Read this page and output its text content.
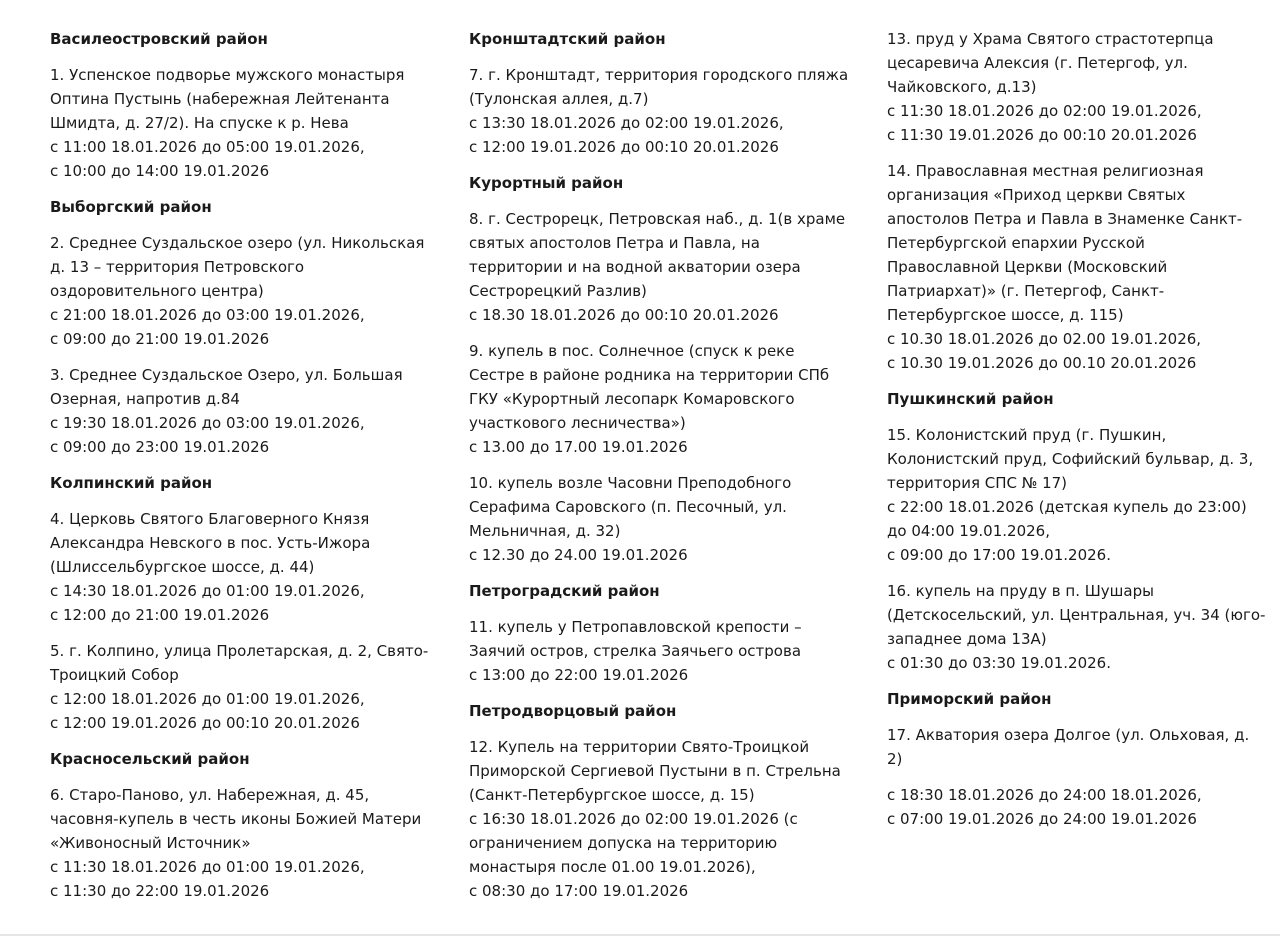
Василеостровский район
1. Успенское подворье мужского монастыря
Оптина Пустынь (набережная Лейтенанта
Шмидта, д. 27/2). На спуске к р. Нева
с 11:00 18.01.2026 до 05:00 19.01.2026,
с 10:00 до 14:00 19.01.2026
Выборгский район
2. Среднее Суздальское озеро (ул. Никольская
д. 13 – территория Петровского
оздоровительного центра)
с 21:00 18.01.2026 до 03:00 19.01.2026,
с 09:00 до 21:00 19.01.2026
3. Среднее Суздальское Озеро, ул. Большая
Озерная, напротив д.84
с 19:30 18.01.2026 до 03:00 19.01.2026,
с 09:00 до 23:00 19.01.2026
Колпинский район
4. Церковь Святого Благоверного Князя
Александра Невского в пос. Усть-Ижора
(Шлиссельбургское шоссе, д. 44)
с 14:30 18.01.2026 до 01:00 19.01.2026,
с 12:00 до 21:00 19.01.2026
5. г. Колпино, улица Пролетарская, д. 2, Свято-
Троицкий Собор
с 12:00 18.01.2026 до 01:00 19.01.2026,
с 12:00 19.01.2026 до 00:10 20.01.2026
Красносельский район
6. Старо-Паново, ул. Набережная, д. 45,
часовня-купель в честь иконы Божией Матери
«Живоносный Источник»
с 11:30 18.01.2026 до 01:00 19.01.2026,
с 11:30 до 22:00 19.01.2026
Кронштадтский район
7. г. Кронштадт, территория городского пляжа
(Тулонская аллея, д.7)
с 13:30 18.01.2026 до 02:00 19.01.2026,
с 12:00 19.01.2026 до 00:10 20.01.2026
Курортный район
8. г. Сестрорецк, Петровская наб., д. 1(в храме
святых апостолов Петра и Павла, на
территории и на водной акватории озера
Сестрорецкий Разлив)
с 18.30 18.01.2026 до 00:10 20.01.2026
9. купель в пос. Солнечное (спуск к реке
Сестре в районе родника на территории СПб
ГКУ «Курортный лесопарк Комаровского
участкового лесничества»)
с 13.00 до 17.00 19.01.2026
10. купель возле Часовни Преподобного
Серафима Саровского (п. Песочный, ул.
Мельничная, д. 32)
с 12.30 до 24.00 19.01.2026
Петроградский район
11. купель у Петропавловской крепости –
Заячий остров, стрелка Заячьего острова
с 13:00 до 22:00 19.01.2026
Петродворцовый район
12. Купель на территории Свято-Троицкой
Приморской Сергиевой Пустыни в п. Стрельна
(Санкт-Петербургское шоссе, д. 15)
с 16:30 18.01.2026 до 02:00 19.01.2026 (с
ограничением допуска на территорию
монастыря после 01.00 19.01.2026),
с 08:30 до 17:00 19.01.2026
13. пруд у Храма Святого страстотерпца
цесаревича Алексия (г. Петергоф, ул.
Чайковского, д.13)
с 11:30 18.01.2026 до 02:00 19.01.2026,
с 11:30 19.01.2026 до 00:10 20.01.2026
14. Православная местная религиозная
организация «Приход церкви Святых
апостолов Петра и Павла в Знаменке Санкт-
Петербургской епархии Русской
Православной Церкви (Московский
Патриархат)» (г. Петергоф, Санкт-
Петербургское шоссе, д. 115)
с 10.30 18.01.2026 до 02.00 19.01.2026,
с 10.30 19.01.2026 до 00.10 20.01.2026
Пушкинский район
15. Колонистский пруд (г. Пушкин,
Колонистский пруд, Софийский бульвар, д. 3,
территория СПС № 17)
с 22:00 18.01.2026 (детская купель до 23:00)
до 04:00 19.01.2026,
с 09:00 до 17:00 19.01.2026.
16. купель на пруду в п. Шушары
(Детскосельский, ул. Центральная, уч. 34 (юго-
западнее дома 13А)
с 01:30 до 03:30 19.01.2026.
Приморский район
17. Акватория озера Долгое (ул. Ольховая, д.
2)
с 18:30 18.01.2026 до 24:00 18.01.2026,
с 07:00 19.01.2026 до 24:00 19.01.2026
